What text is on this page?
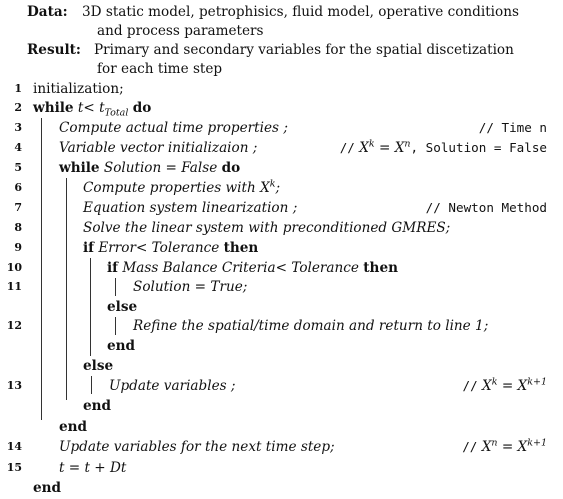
Data: 3D static model, petrophisics, fluid model, operative conditions
and process parameters
Result: Primary and secondary variables for the spatial discetization
for each time step
1 initialization;
2 while $t< t_{Total}$ do
3	Compute actual time properties ;	// Time n
4	Variable vector initializaion ;	// $X^k = X^n$, Solution = False
5	while Solution = False do
6	Compute properties with $X^k$;
7	Equation system linearization ;	// Newton Method
8	Solve the linear system with preconditioned GMRES;
9	if Error< Tolerance then
10	if Mass Balance Criteria< Tolerance then
11	Solution = True;
else
12	Refine the spatial/time domain and return to line 1;
end
else
13	Update variables ;	// $X^k = X^{k+1}$
end
end
14	Update variables for the next time step;	// $X^n = X^{k+1}$
15	t = t + Dt
end
